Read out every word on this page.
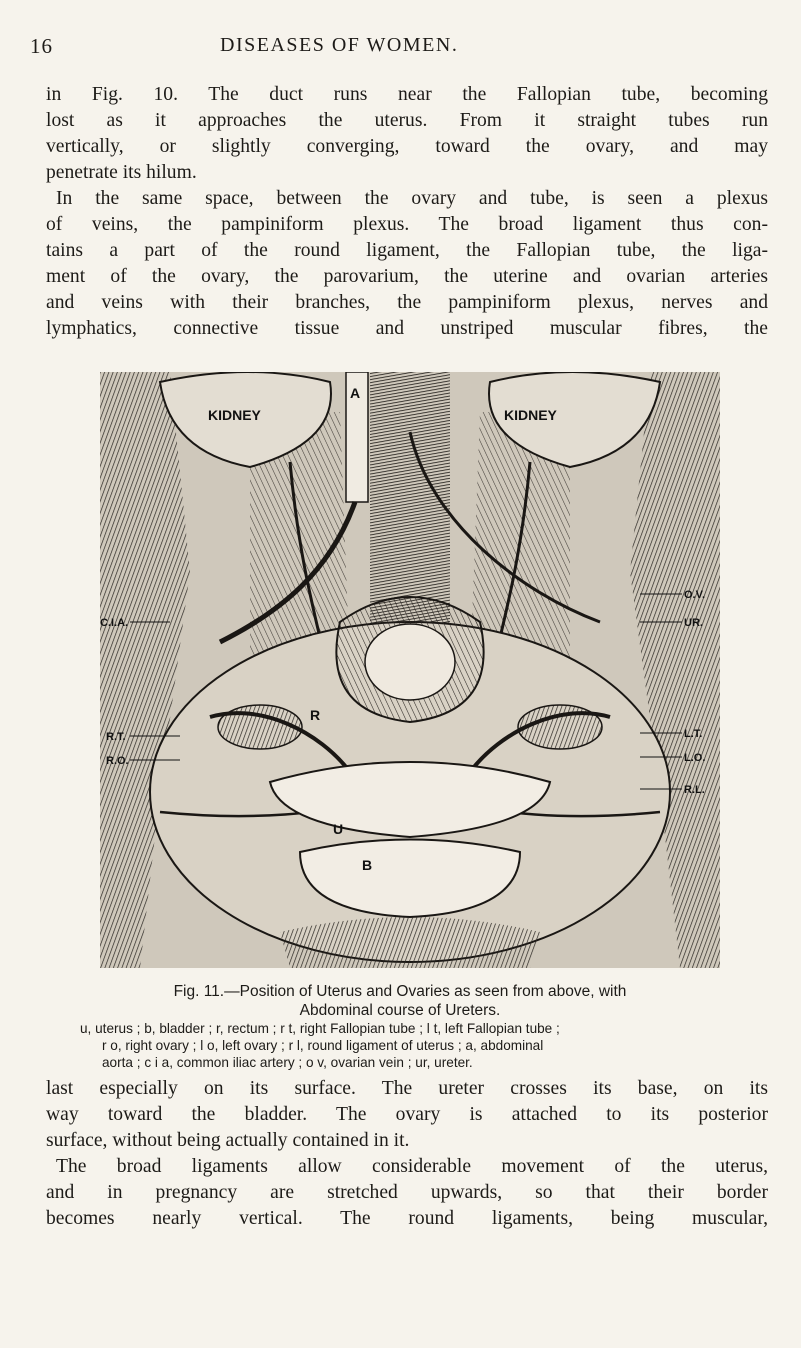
16	DISEASES OF WOMEN.
in Fig. 10. The duct runs near the Fallopian tube, becoming
lost as it approaches the uterus. From it straight tubes run
vertically, or slightly converging, toward the ovary, and may
penetrate its hilum.
In the same space, between the ovary and tube, is seen a plexus
of veins, the pampiniform plexus. The broad ligament thus con-
tains a part of the round ligament, the Fallopian tube, the liga-
ment of the ovary, the parovarium, the uterine and ovarian arteries
and veins with their branches, the pampiniform plexus, nerves and
lymphatics, connective tissue and unstriped muscular fibres, the
KIDNEY	KIDNEY
A
R
U
B
C.I.A.
R.T.
R.O.
O.V.
UR.
L.T.
L.O.
R.L.

Fig. 11.—Position of Uterus and Ovaries as seen from above, with

Abdominal course of Ureters.

u, uterus ; b, bladder ; r, rectum ; r t, right Fallopian tube ; l t, left Fallopian tube ;
r o, right ovary ; l o, left ovary ; r l, round ligament of uterus ; a, abdominal
aorta ; c i a, common iliac artery ; o v, ovarian vein ; ur, ureter.
last especially on its surface. The ureter crosses its base, on its
way toward the bladder. The ovary is attached to its posterior
surface, without being actually contained in it.
The broad ligaments allow considerable movement of the uterus,
and in pregnancy are stretched upwards, so that their border
becomes nearly vertical. The round ligaments, being muscular,
